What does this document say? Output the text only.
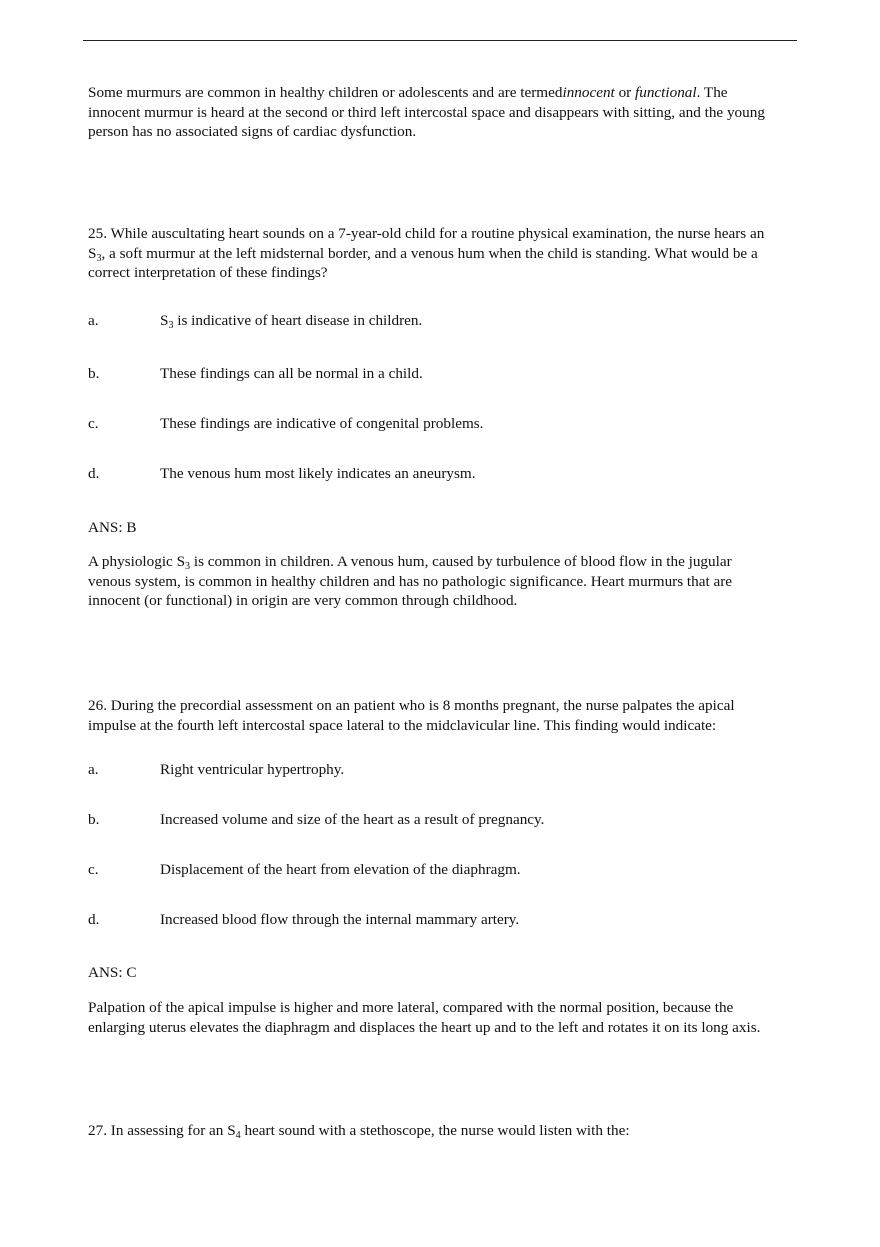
Some murmurs are common in healthy children or adolescents and are termedinnocent or functional. The
innocent murmur is heard at the second or third left intercostal space and disappears with sitting, and the young
person has no associated signs of cardiac dysfunction.
25. While auscultating heart sounds on a 7-year-old child for a routine physical examination, the nurse hears an
$S_3$, a soft murmur at the left midsternal border, and a venous hum when the child is standing. What would be a
correct interpretation of these findings?
a.	$S_3$ is indicative of heart disease in children.
b.	These findings can all be normal in a child.
c.	These findings are indicative of congenital problems.
d.	The venous hum most likely indicates an aneurysm.
ANS: B
A physiologic $S_3$ is common in children. A venous hum, caused by turbulence of blood flow in the jugular
venous system, is common in healthy children and has no pathologic significance. Heart murmurs that are
innocent (or functional) in origin are very common through childhood.
26. During the precordial assessment on an patient who is 8 months pregnant, the nurse palpates the apical
impulse at the fourth left intercostal space lateral to the midclavicular line. This finding would indicate:
a.	Right ventricular hypertrophy.
b.	Increased volume and size of the heart as a result of pregnancy.
c.	Displacement of the heart from elevation of the diaphragm.
d.	Increased blood flow through the internal mammary artery.
ANS: C
Palpation of the apical impulse is higher and more lateral, compared with the normal position, because the
enlarging uterus elevates the diaphragm and displaces the heart up and to the left and rotates it on its long axis.
27. In assessing for an $S_4$ heart sound with a stethoscope, the nurse would listen with the:
